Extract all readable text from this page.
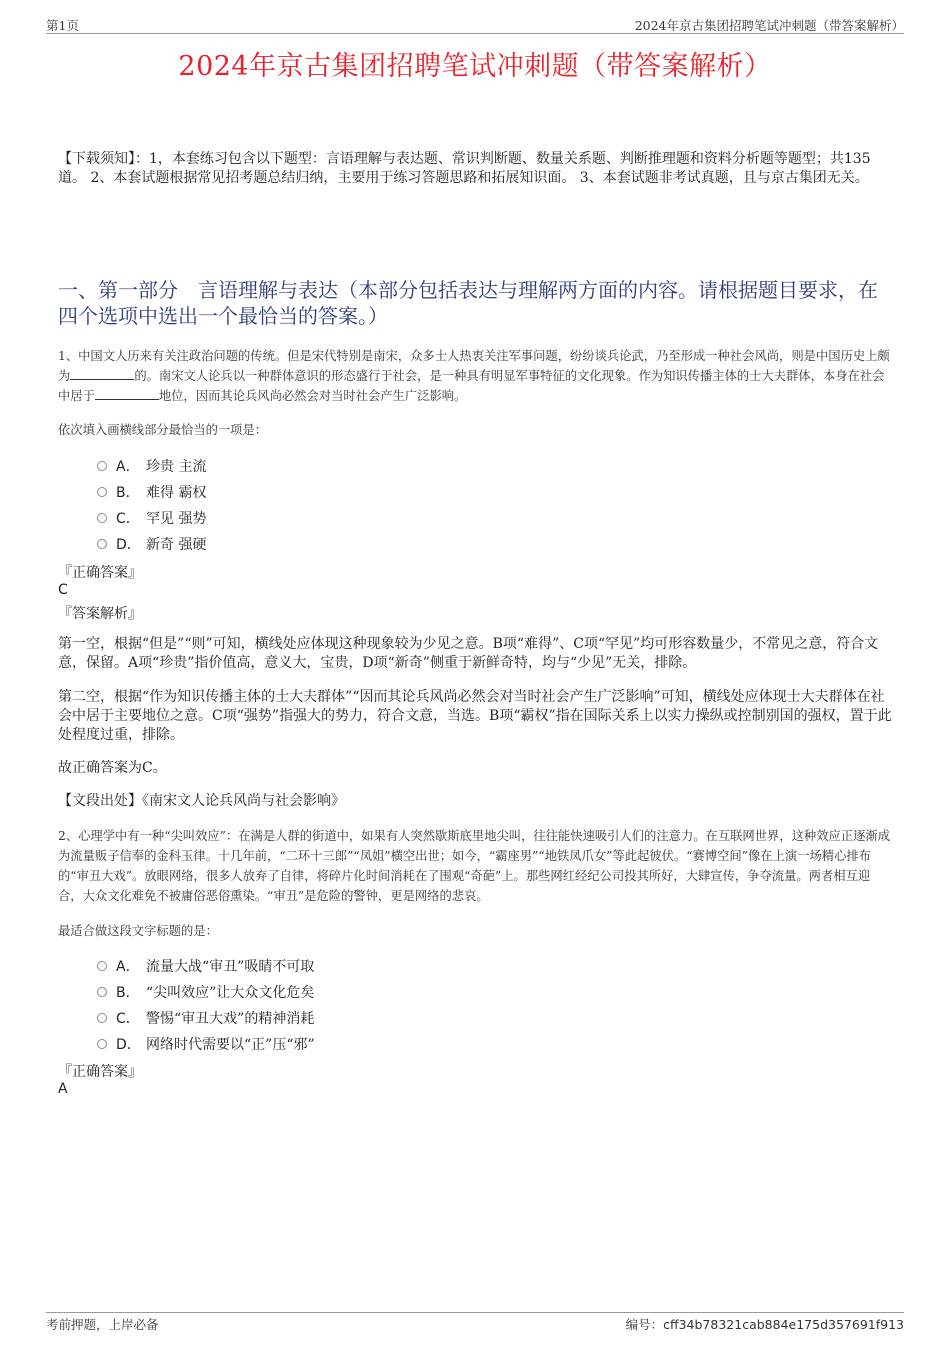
第1页	2024年京古集团招聘笔试冲刺题（带答案解析）
2024年京古集团招聘笔试冲刺题（带答案解析）
【下载须知】：1，本套练习包含以下题型：言语理解与表达题、常识判断题、数量关系题、判断推理题和资料分析题等题型；共135道。 2、本套试题根据常见招考题总结归纳，主要用于练习答题思路和拓展知识面。 3、本套试题非考试真题，且与京古集团无关。
一、第一部分　言语理解与表达（本部分包括表达与理解两方面的内容。请根据题目要求，在四个选项中选出一个最恰当的答案。）
1、中国文人历来有关注政治问题的传统。但是宋代特别是南宋，众多士人热衷关注军事问题，纷纷谈兵论武，乃至形成一种社会风尚，则是中国历史上颇为	的。南宋文人论兵以一种群体意识的形态盛行于社会，是一种具有明显军事特征的文化现象。作为知识传播主体的士大夫群体，本身在社会中居于	地位，因而其论兵风尚必然会对当时社会产生广泛影响。
依次填入画横线部分最恰当的一项是：
A． 珍贵 主流
B． 难得 霸权
C． 罕见 强势
D． 新奇 强硬
『正确答案』
C
『答案解析』
第一空，根据“但是”“则”可知，横线处应体现这种现象较为少见之意。B项“难得”、C项“罕见”均可形容数量少，不常见之意，符合文意，保留。A项“珍贵”指价值高，意义大，宝贵，D项“新奇”侧重于新鲜奇特，均与“少见”无关，排除。
第二空，根据“作为知识传播主体的士大夫群体”“因而其论兵风尚必然会对当时社会产生广泛影响”可知，横线处应体现士大夫群体在社会中居于主要地位之意。C项“强势”指强大的势力，符合文意，当选。B项“霸权”指在国际关系上以实力操纵或控制别国的强权，置于此处程度过重，排除。
故正确答案为C。
【文段出处】《南宋文人论兵风尚与社会影响》
2、心理学中有一种“尖叫效应”：在满是人群的街道中，如果有人突然歇斯底里地尖叫，往往能快速吸引人们的注意力。在互联网世界，这种效应正逐渐成为流量贩子信奉的金科玉律。十几年前，“二环十三郎”“凤姐”横空出世；如今，“霸座男”“地铁凤爪女”等此起彼伏。“赛博空间”像在上演一场精心排布的“审丑大戏”。放眼网络，很多人放弃了自律，将碎片化时间消耗在了围观“奇葩”上。那些网红经纪公司投其所好，大肆宣传，争夺流量。两者相互迎合，大众文化难免不被庸俗恶俗熏染。“审丑”是危险的警钟，更是网络的悲哀。
最适合做这段文字标题的是：
A． 流量大战“审丑”吸睛不可取
B． “尖叫效应”让大众文化危矣
C． 警惕“审丑大戏”的精神消耗
D． 网络时代需要以“正”压“邪”
『正确答案』
A
考前押题，上岸必备	编号：cff34b78321cab884e175d357691f913
